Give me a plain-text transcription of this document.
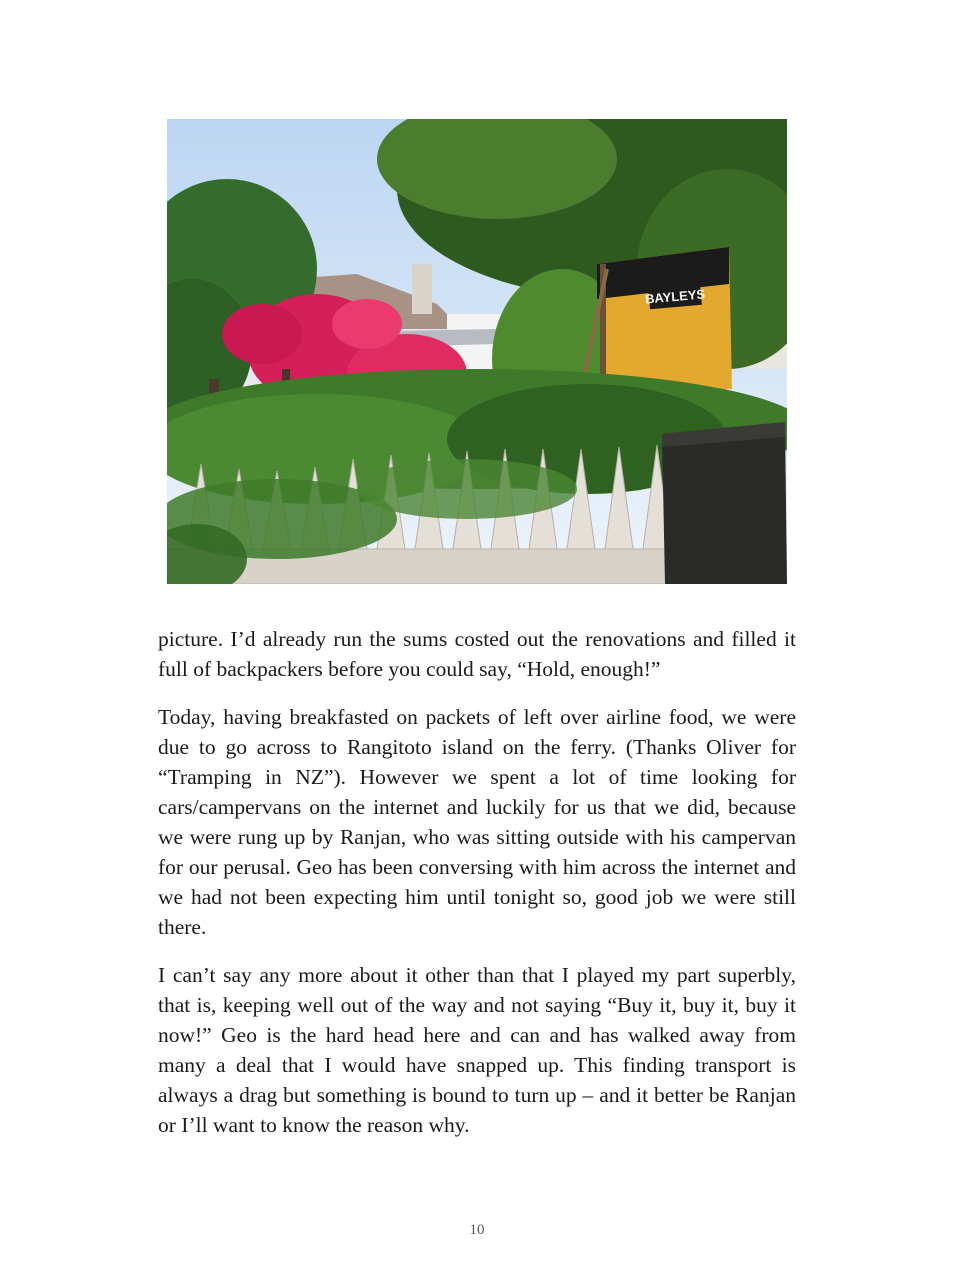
BAYLEYS

picture. I’d already run the sums costed out the renovations and filled it full of backpackers before you could say, “Hold, enough!”

Today, having breakfasted on packets of left over airline food, we were due to go across to Rangitoto island on the ferry. (Thanks Oliver for “Tramping in NZ”). However we spent a lot of time looking for cars/campervans on the internet and luckily for us that we did, because we were rung up by Ranjan, who was sitting outside with his campervan for our perusal. Geo has been conversing with him across the internet and we had not been expecting him until tonight so, good job we were still there.

I can’t say any more about it other than that I played my part superbly, that is, keeping well out of the way and not saying “Buy it, buy it, buy it now!” Geo is the hard head here and can and has walked away from many a deal that I would have snapped up. This finding transport is always a drag but something is bound to turn up – and it better be Ranjan or I’ll want to know the reason why.

10
